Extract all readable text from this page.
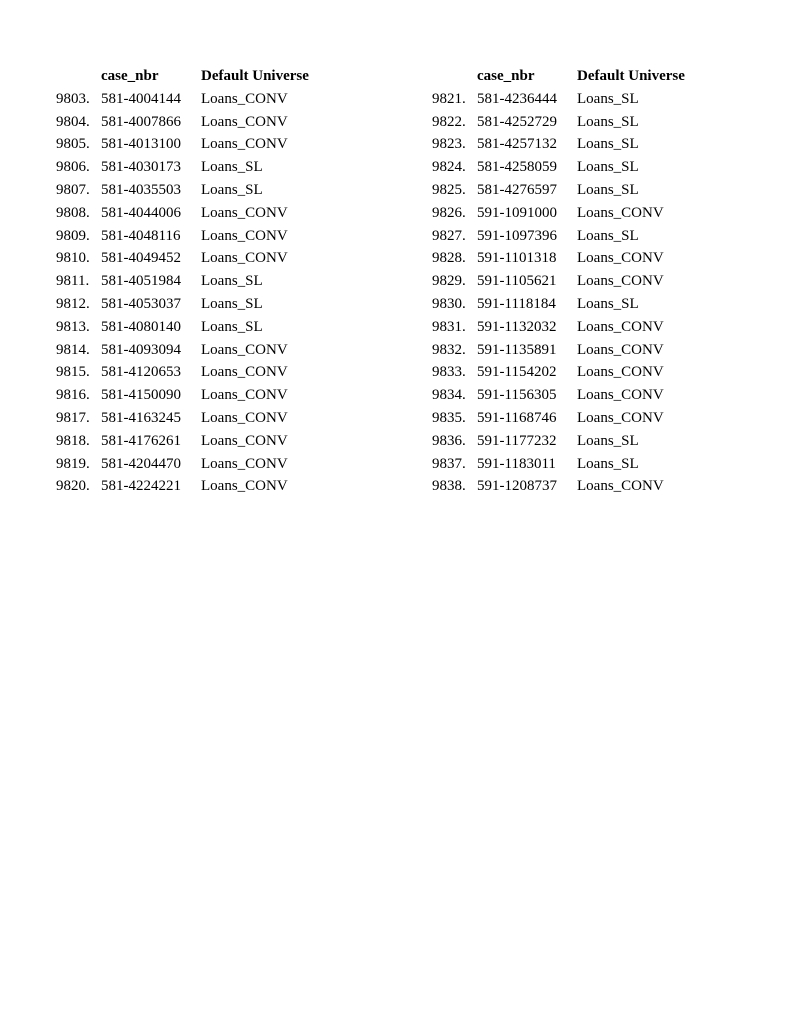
	case_nbr	Default Universe
9803.	581-4004144	Loans_CONV
9804.	581-4007866	Loans_CONV
9805.	581-4013100	Loans_CONV
9806.	581-4030173	Loans_SL
9807.	581-4035503	Loans_SL
9808.	581-4044006	Loans_CONV
9809.	581-4048116	Loans_CONV
9810.	581-4049452	Loans_CONV
9811.	581-4051984	Loans_SL
9812.	581-4053037	Loans_SL
9813.	581-4080140	Loans_SL
9814.	581-4093094	Loans_CONV
9815.	581-4120653	Loans_CONV
9816.	581-4150090	Loans_CONV
9817.	581-4163245	Loans_CONV
9818.	581-4176261	Loans_CONV
9819.	581-4204470	Loans_CONV
9820.	581-4224221	Loans_CONV
	case_nbr	Default Universe
9821.	581-4236444	Loans_SL
9822.	581-4252729	Loans_SL
9823.	581-4257132	Loans_SL
9824.	581-4258059	Loans_SL
9825.	581-4276597	Loans_SL
9826.	591-1091000	Loans_CONV
9827.	591-1097396	Loans_SL
9828.	591-1101318	Loans_CONV
9829.	591-1105621	Loans_CONV
9830.	591-1118184	Loans_SL
9831.	591-1132032	Loans_CONV
9832.	591-1135891	Loans_CONV
9833.	591-1154202	Loans_CONV
9834.	591-1156305	Loans_CONV
9835.	591-1168746	Loans_CONV
9836.	591-1177232	Loans_SL
9837.	591-1183011	Loans_SL
9838.	591-1208737	Loans_CONV
